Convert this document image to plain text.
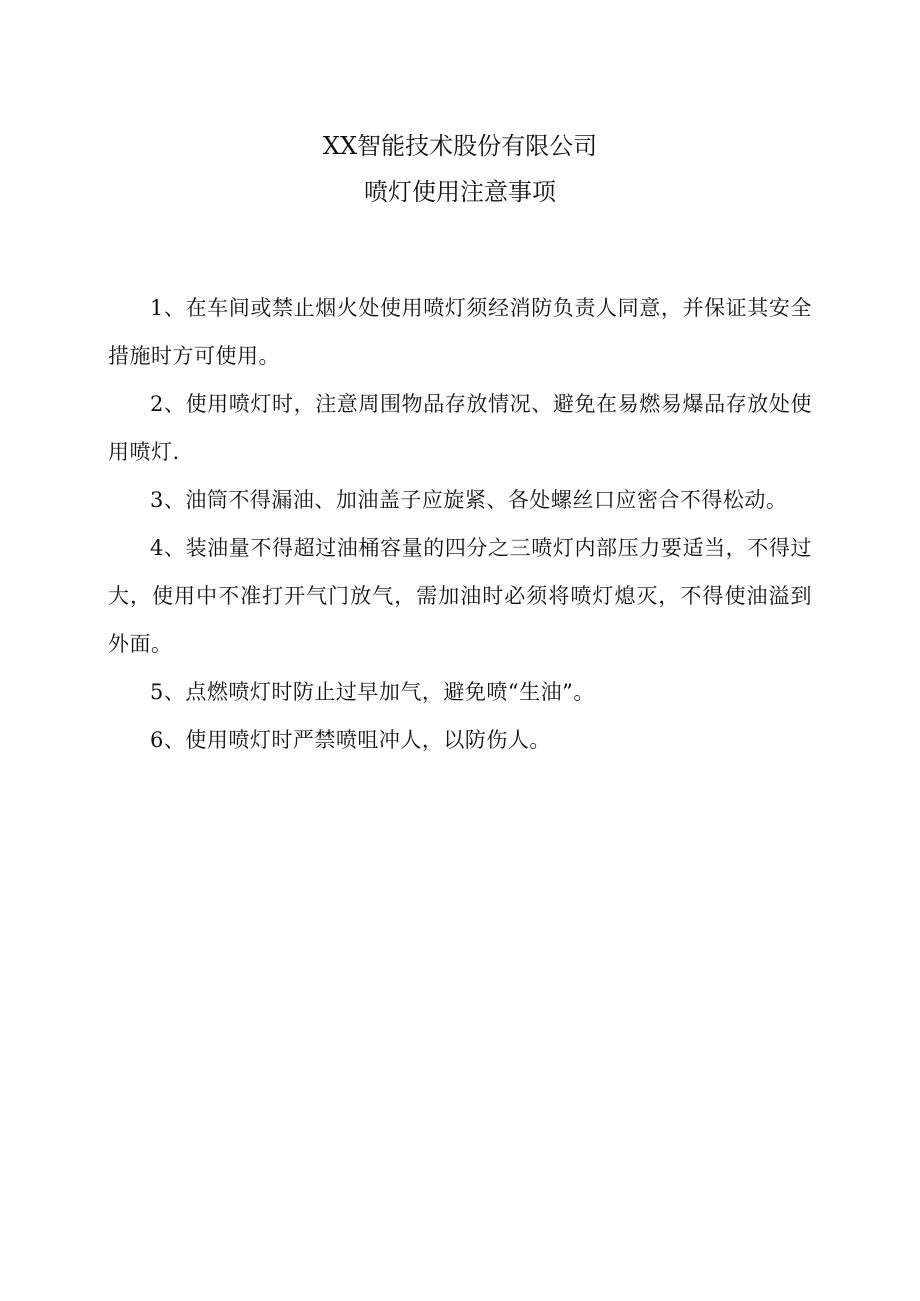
XX智能技术股份有限公司
喷灯使用注意事项

1、在车间或禁止烟火处使用喷灯须经消防负责人同意，并保证其安全措施时方可使用。

2、使用喷灯时，注意周围物品存放情况、避免在易燃易爆品存放处使用喷灯.

3、油筒不得漏油、加油盖子应旋紧、各处螺丝口应密合不得松动。

4、装油量不得超过油桶容量的四分之三喷灯内部压力要适当，不得过大，使用中不准打开气门放气，需加油时必须将喷灯熄灭，不得使油溢到外面。

5、点燃喷灯时防止过早加气，避免喷“生油”。

6、使用喷灯时严禁喷咀冲人，以防伤人。
